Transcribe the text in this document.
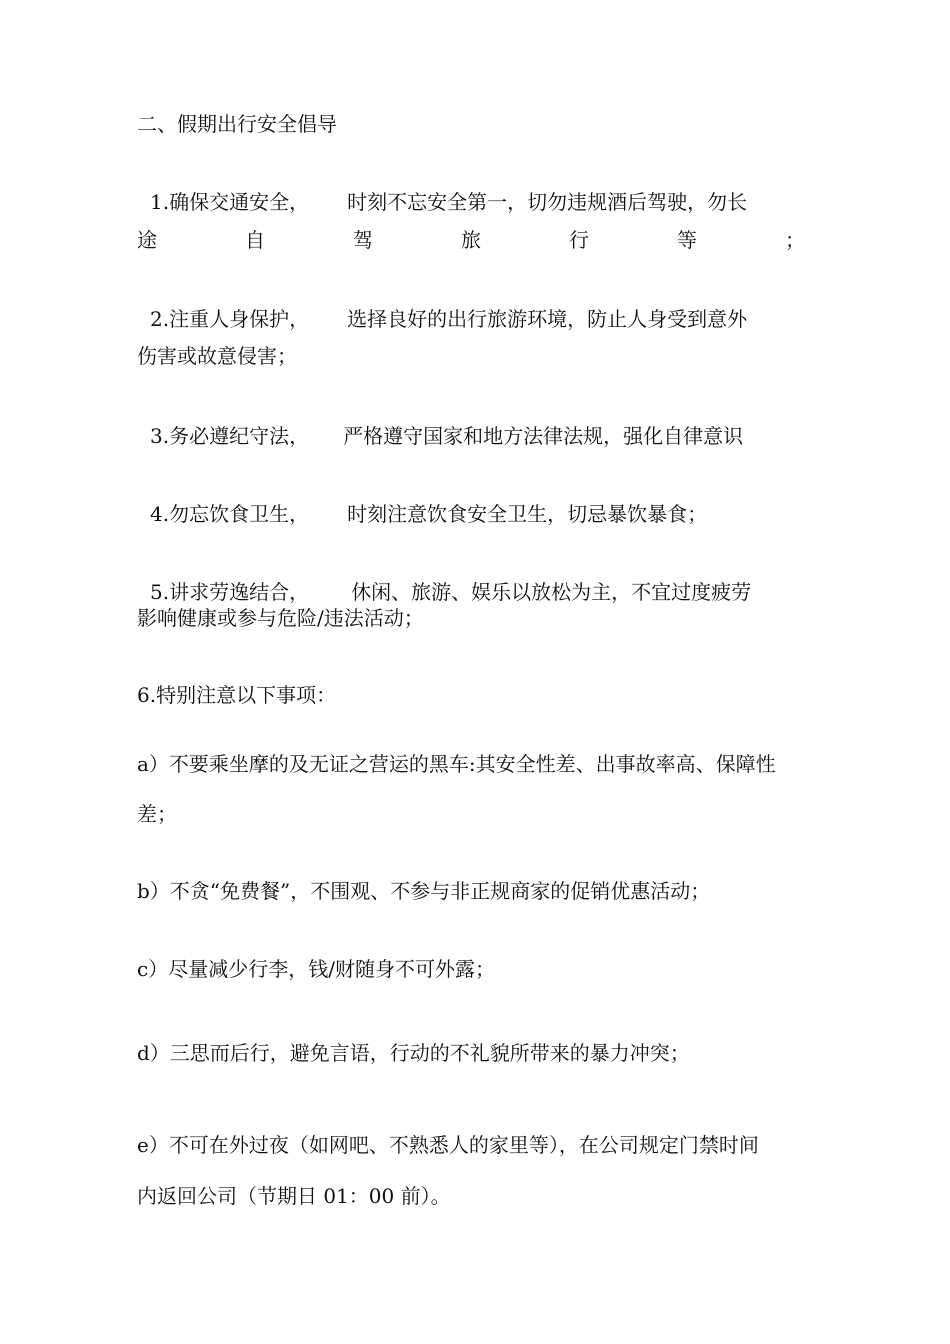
二、假期出行安全倡导
1.确保交通安全， 时刻不忘安全第一，切勿违规酒后驾驶，勿长
途	自	驾	旅	行	等	；
2.注重人身保护， 选择良好的出行旅游环境，防止人身受到意外
伤害或故意侵害；
3.务必遵纪守法， 严格遵守国家和地方法律法规，强化自律意识
4.勿忘饮食卫生， 时刻注意饮食安全卫生，切忌暴饮暴食；
5.讲求劳逸结合， 休闲、旅游、娱乐以放松为主，不宜过度疲劳
影响健康或参与危险/违法活动；
6.特别注意以下事项：
a）不要乘坐摩的及无证之营运的黑车:其安全性差、出事故率高、保障性
差；
b）不贪“免费餐”，不围观、不参与非正规商家的促销优惠活动；
c）尽量减少行李，钱/财随身不可外露；
d）三思而后行，避免言语，行动的不礼貌所带来的暴力冲突；
e）不可在外过夜（如网吧、不熟悉人的家里等），在公司规定门禁时间
内返回公司（节期日 01：00 前）。
